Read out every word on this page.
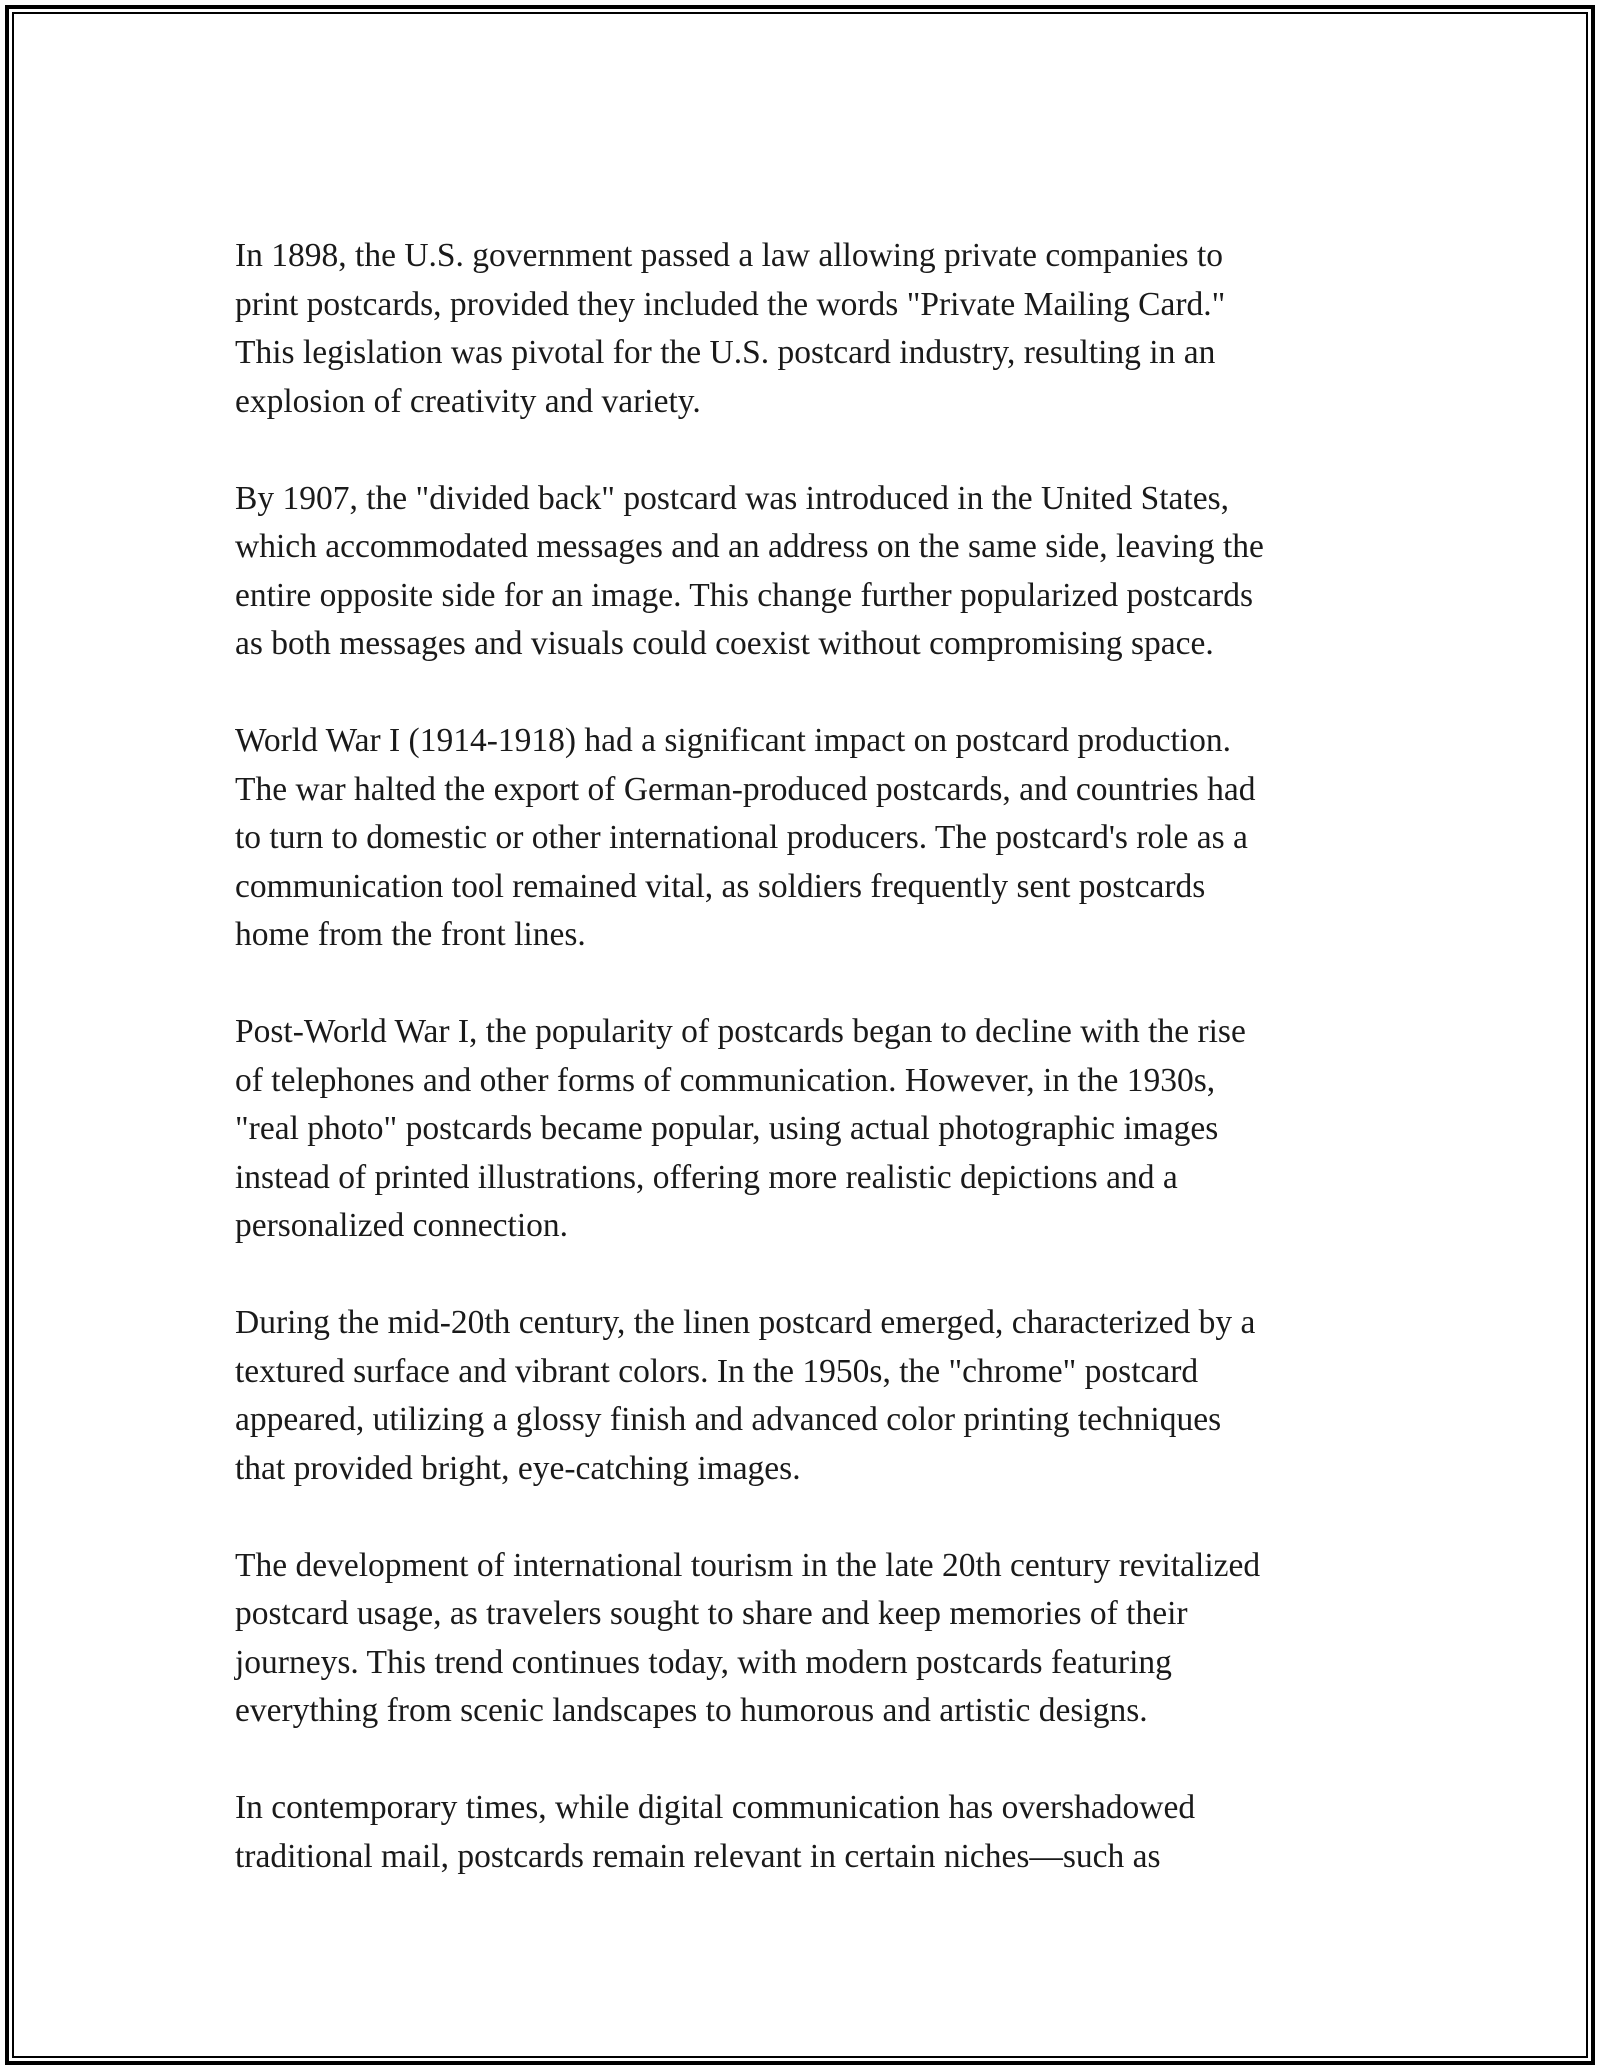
In 1898, the U.S. government passed a law allowing private companies to
print postcards, provided they included the words "Private Mailing Card."
This legislation was pivotal for the U.S. postcard industry, resulting in an
explosion of creativity and variety.

By 1907, the "divided back" postcard was introduced in the United States,
which accommodated messages and an address on the same side, leaving the
entire opposite side for an image. This change further popularized postcards
as both messages and visuals could coexist without compromising space.

World War I (1914-1918) had a significant impact on postcard production.
The war halted the export of German-produced postcards, and countries had
to turn to domestic or other international producers. The postcard's role as a
communication tool remained vital, as soldiers frequently sent postcards
home from the front lines.

Post-World War I, the popularity of postcards began to decline with the rise
of telephones and other forms of communication. However, in the 1930s,
"real photo" postcards became popular, using actual photographic images
instead of printed illustrations, offering more realistic depictions and a
personalized connection.

During the mid-20th century, the linen postcard emerged, characterized by a
textured surface and vibrant colors. In the 1950s, the "chrome" postcard
appeared, utilizing a glossy finish and advanced color printing techniques
that provided bright, eye-catching images.

The development of international tourism in the late 20th century revitalized
postcard usage, as travelers sought to share and keep memories of their
journeys. This trend continues today, with modern postcards featuring
everything from scenic landscapes to humorous and artistic designs.

In contemporary times, while digital communication has overshadowed
traditional mail, postcards remain relevant in certain niches—such as
